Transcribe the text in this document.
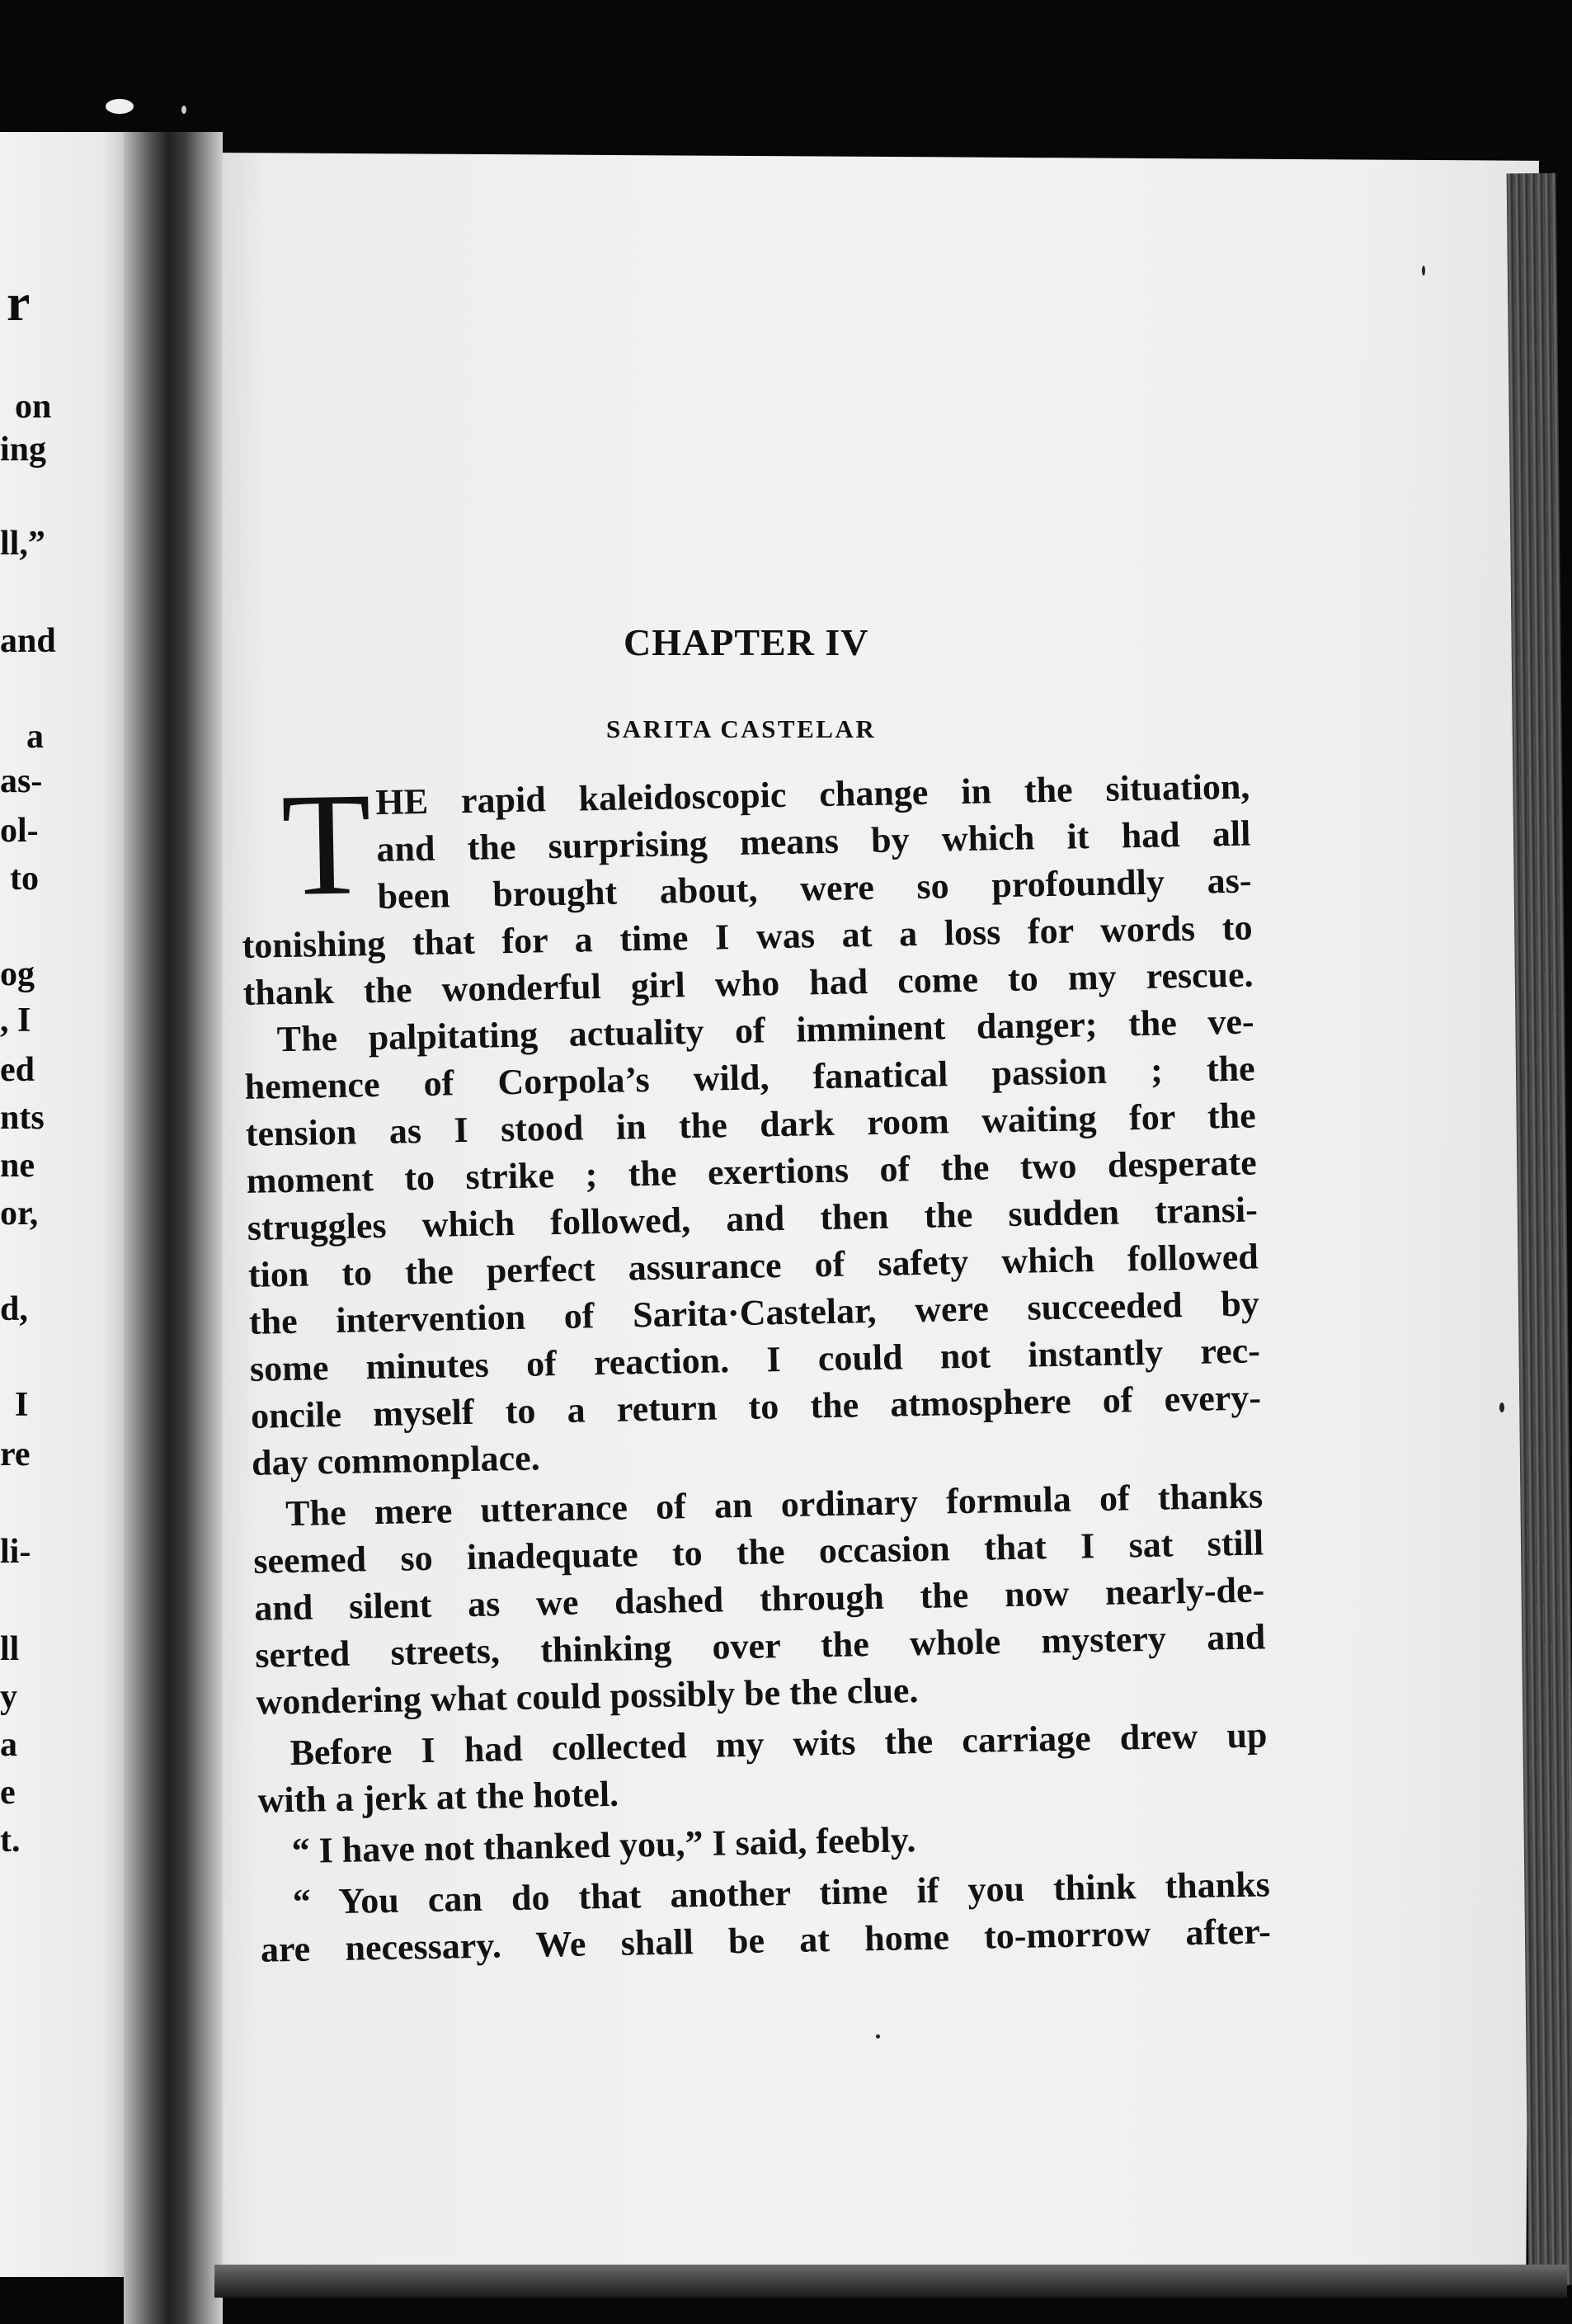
r
on
ing
ll,”
and
a
as-
ol-
to
og
, I
ed
nts
ne
or,
d,
I
re
li-
ll
y
a
e
t.
CHAPTER IV
SARITA CASTELAR
T HE rapid kaleidoscopic change in the situation,
and the surprising means by which it had all
been brought about, were so profoundly as-
tonishing that for a time I was at a loss for words to
thank the wonderful girl who had come to my rescue.
The palpitating actuality of imminent danger; the ve-
hemence of Corpola’s wild, fanatical passion ; the
tension as I stood in the dark room waiting for the
moment to strike ; the exertions of the two desperate
struggles which followed, and then the sudden transi-
tion to the perfect assurance of safety which followed
the intervention of Sarita·Castelar, were succeeded by
some minutes of reaction. I could not instantly rec-
oncile myself to a return to the atmosphere of every-
day commonplace.
The mere utterance of an ordinary formula of thanks
seemed so inadequate to the occasion that I sat still
and silent as we dashed through the now nearly-de-
serted streets, thinking over the whole mystery and
wondering what could possibly be the clue.
Before I had collected my wits the carriage drew up
with a jerk at the hotel.
“ I have not thanked you,” I said, feebly.
“ You can do that another time if you think thanks
are necessary. We shall be at home to-morrow after-
